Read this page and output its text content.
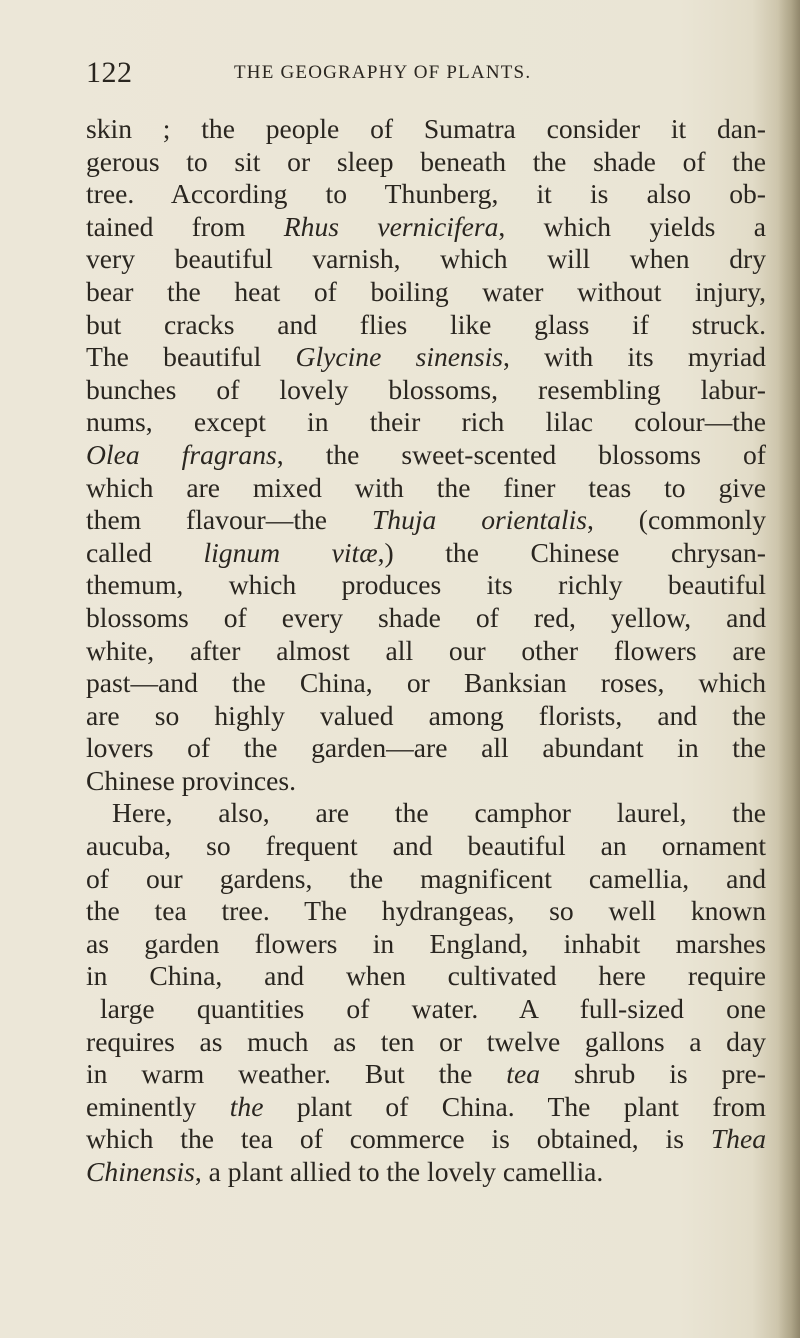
122	THE GEOGRAPHY OF PLANTS.
skin ; the people of Sumatra consider it dan-
gerous to sit or sleep beneath the shade of the
tree. According to Thunberg, it is also ob-
tained from Rhus vernicifera, which yields a
very beautiful varnish, which will when dry
bear the heat of boiling water without injury,
but cracks and flies like glass if struck.
The beautiful Glycine sinensis, with its myriad
bunches of lovely blossoms, resembling labur-
nums, except in their rich lilac colour—the
Olea fragrans, the sweet-scented blossoms of
which are mixed with the finer teas to give
them flavour—the Thuja orientalis, (commonly
called lignum vitæ,) the Chinese chrysan-
themum, which produces its richly beautiful
blossoms of every shade of red, yellow, and
white, after almost all our other flowers are
past—and the China, or Banksian roses, which
are so highly valued among florists, and the
lovers of the garden—are all abundant in the
Chinese provinces.
Here, also, are the camphor laurel, the
aucuba, so frequent and beautiful an ornament
of our gardens, the magnificent camellia, and
the tea tree. The hydrangeas, so well known
as garden flowers in England, inhabit marshes
in China, and when cultivated here require
large quantities of water. A full-sized one
requires as much as ten or twelve gallons a day
in warm weather. But the tea shrub is pre-
eminently the plant of China. The plant from
which the tea of commerce is obtained, is Thea
Chinensis, a plant allied to the lovely camellia.
